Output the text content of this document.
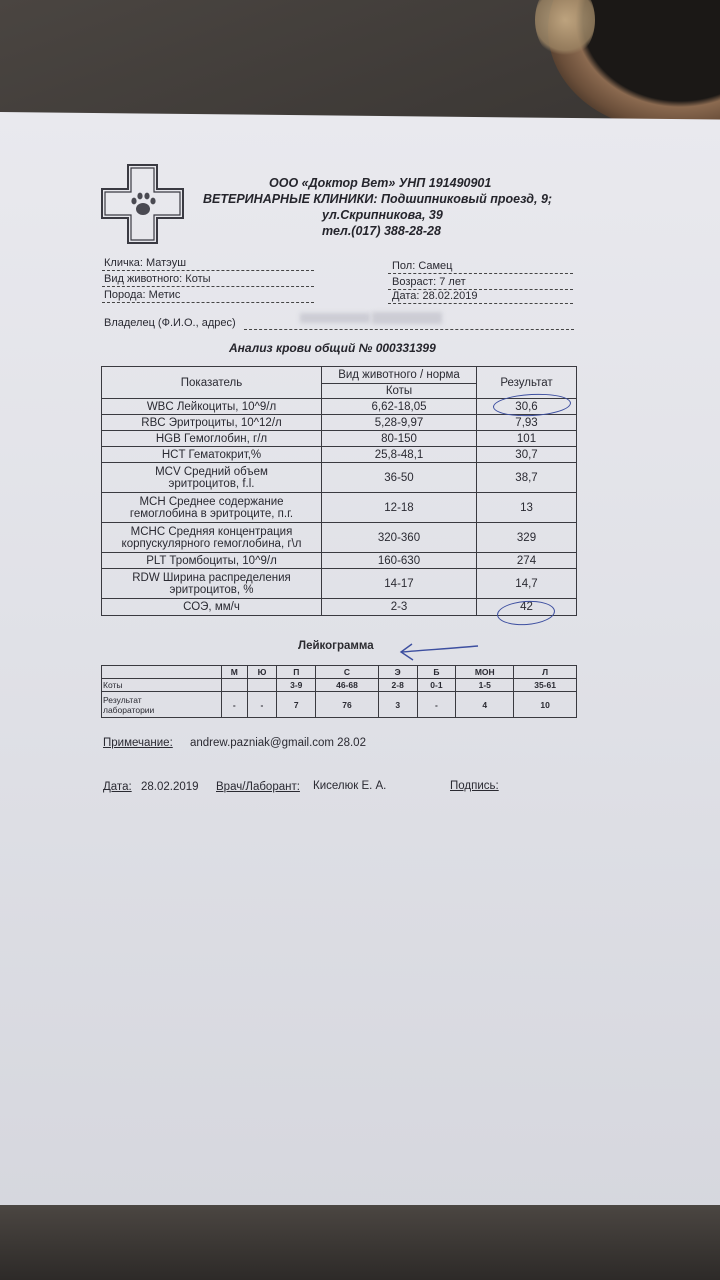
ООО «Доктор Вет» УНП 191490901
ВЕТЕРИНАРНЫЕ КЛИНИКИ: Подшипниковый проезд, 9;
ул.Скрипникова, 39
тел.(017) 388-28-28
Кличка: Матэуш
Вид животного: Коты
Порода: Метис
Пол: Самец
Возраст: 7 лет
Дата: 28.02.2019
Владелец (Ф.И.О., адрес)
Анализ крови общий № 000331399
Показатель	Вид животного / норма	Результат
	Коты	
WBC Лейкоциты, 10^9/л	6,62-18,05	30,6
RBC Эритроциты, 10^12/л	5,28-9,97	7,93
HGB Гемоглобин, г/л	80-150	101
HCT Гематокрит,%	25,8-48,1	30,7
MCV Средний объем эритроцитов, f.l.	36-50	38,7
MCH Среднее содержание гемоглобина в эритроците, п.г.	12-18	13
MCHC Средняя концентрация корпускулярного гемоглобина, г\л	320-360	329
PLT Тромбоциты, 10^9/л	160-630	274
RDW Ширина распределения эритроцитов, %	14-17	14,7
СОЭ, мм/ч	2-3	42
Лейкограмма
	М	Ю	П	С	Э	Б	МОН	Л
Коты			3-9	46-68	2-8	0-1	1-5	35-61
Результат
лаборатории	-	-	7	76	3	-	4	10
Примечание: andrew.pazniak@gmail.com 28.02
Дата: 28.02.2019 Врач/Лаборант: Киселюк Е. А.	Подпись:
